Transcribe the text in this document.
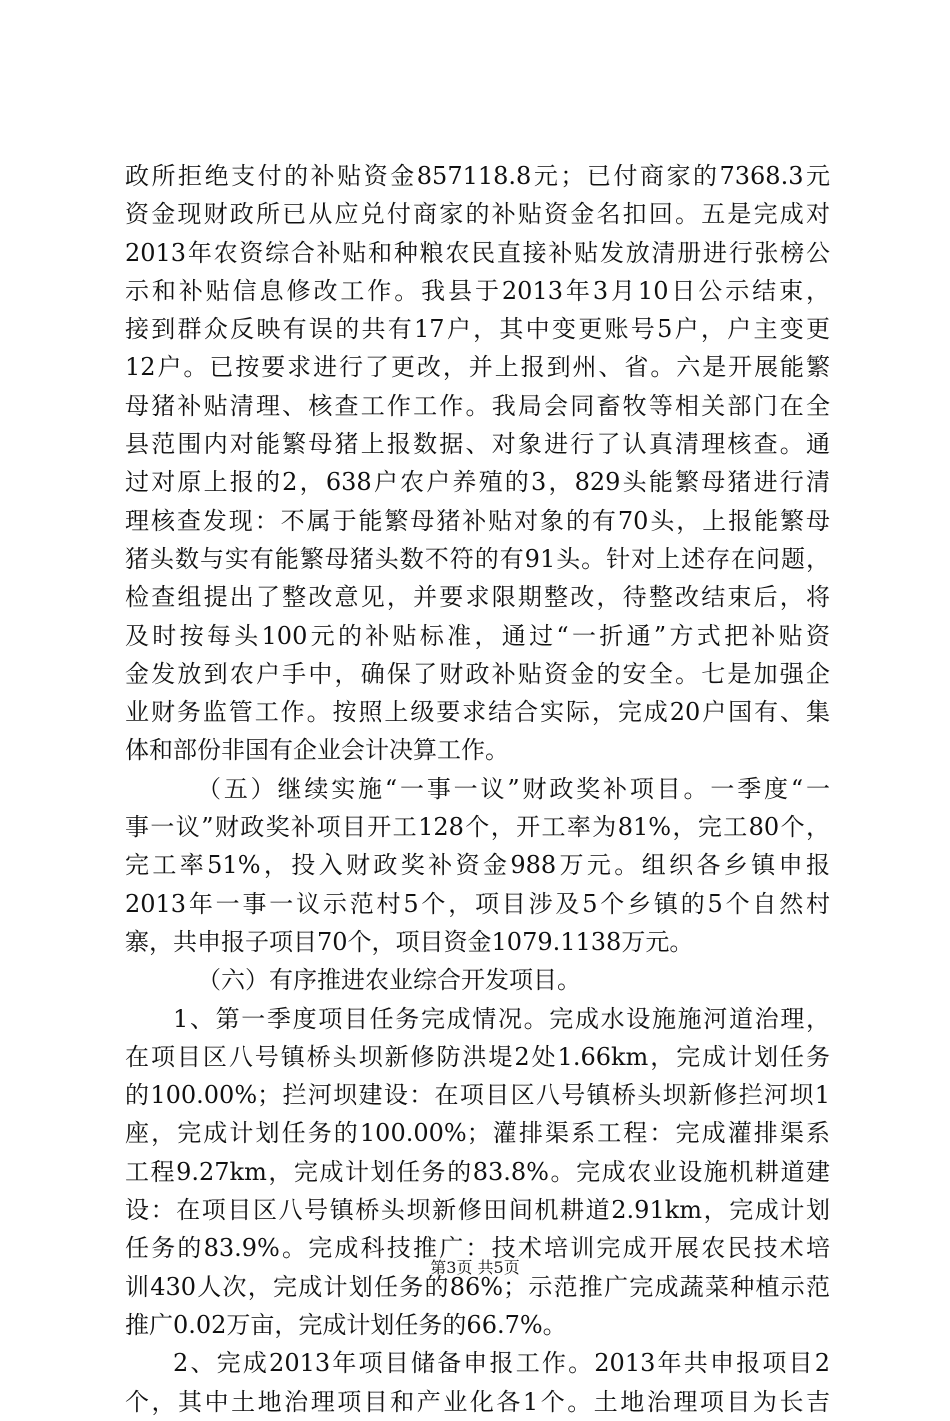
政所拒绝支付的补贴资金857118.8元；已付商家的7368.3元
资金现财政所已从应兑付商家的补贴资金名扣回。五是完成对
2013年农资综合补贴和种粮农民直接补贴发放清册进行张榜公
示和补贴信息修改工作。我县于2013年3月10日公示结束，
接到群众反映有误的共有17户，其中变更账号5户，户主变更
12户。已按要求进行了更改，并上报到州、省。六是开展能繁
母猪补贴清理、核查工作工作。我局会同畜牧等相关部门在全
县范围内对能繁母猪上报数据、对象进行了认真清理核查。通
过对原上报的2，638户农户养殖的3，829头能繁母猪进行清
理核查发现：不属于能繁母猪补贴对象的有70头，上报能繁母
猪头数与实有能繁母猪头数不符的有91头。针对上述存在问题，
检查组提出了整改意见，并要求限期整改，待整改结束后，将
及时按每头100元的补贴标准，通过“一折通”方式把补贴资
金发放到农户手中，确保了财政补贴资金的安全。七是加强企
业财务监管工作。按照上级要求结合实际，完成20户国有、集
体和部份非国有企业会计决算工作。
（五）继续实施“一事一议”财政奖补项目。一季度“一
事一议”财政奖补项目开工128个，开工率为81%，完工80个，
完工率51%，投入财政奖补资金988万元。组织各乡镇申报
2013年一事一议示范村5个，项目涉及5个乡镇的5个自然村
寨，共申报子项目70个，项目资金1079.1138万元。
（六）有序推进农业综合开发项目。
1、第一季度项目任务完成情况。完成水设施施河道治理，
在项目区八号镇桥头坝新修防洪堤2处1.66km，完成计划任务
的100.00%；拦河坝建设：在项目区八号镇桥头坝新修拦河坝1
座，完成计划任务的100.00%；灌排渠系工程：完成灌排渠系
工程9.27km，完成计划任务的83.8%。完成农业设施机耕道建
设：在项目区八号镇桥头坝新修田间机耕道2.91km，完成计划
任务的83.9%。完成科技推广：技术培训完成开展农民技术培
训430人次，完成计划任务的86%；示范推广完成蔬菜种植示范
推广0.02万亩，完成计划任务的66.7%。
2、完成2013年项目储备申报工作。2013年共申报项目2
个，其中土地治理项目和产业化各1个。土地治理项目为长吉
第3页 共5页
